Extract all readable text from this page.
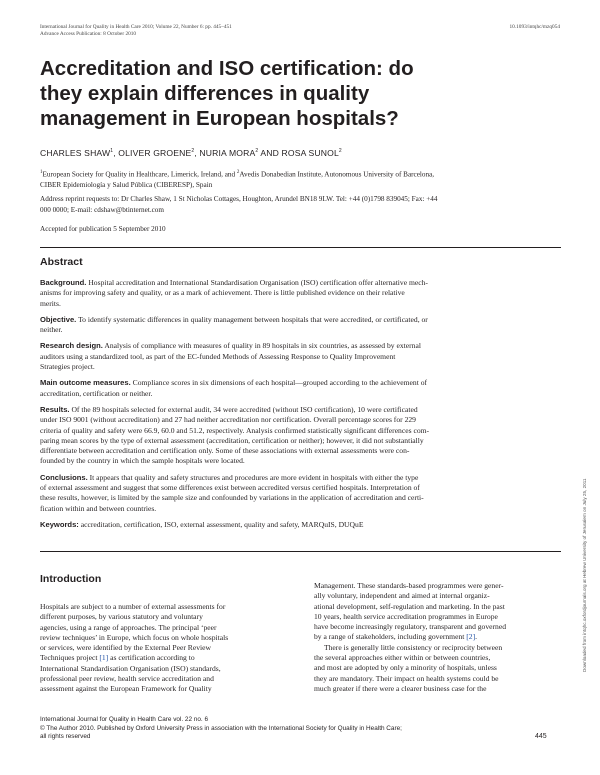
International Journal for Quality in Health Care 2010; Volume 22, Number 6: pp. 445–451
Advance Access Publication: 8 October 2010
10.1093/intqhc/mzq054
Accreditation and ISO certification: do
they explain differences in quality
management in European hospitals?
CHARLES SHAW$^1$, OLIVER GROENE$^2$, NURIA MORA$^2$ AND ROSA SUNOL$^2$
$^1$European Society for Quality in Healthcare, Limerick, Ireland, and $^2$Avedis Donabedian Institute, Autonomous University of Barcelona,
CIBER Epidemiología y Salud Pública (CIBERESP), Spain
Address reprint requests to: Dr Charles Shaw, 1 St Nicholas Cottages, Houghton, Arundel BN18 9LW. Tel: +44 (0)1798 839045; Fax: +44
000 0000; E-mail: cdshaw@btinternet.com
Accepted for publication 5 September 2010
Abstract
Background. Hospital accreditation and International Standardisation Organisation (ISO) certification offer alternative mech-
anisms for improving safety and quality, or as a mark of achievement. There is little published evidence on their relative
merits.
Objective. To identify systematic differences in quality management between hospitals that were accredited, or certificated, or
neither.
Research design. Analysis of compliance with measures of quality in 89 hospitals in six countries, as assessed by external
auditors using a standardized tool, as part of the EC-funded Methods of Assessing Response to Quality Improvement
Strategies project.
Main outcome measures. Compliance scores in six dimensions of each hospital—grouped according to the achievement of
accreditation, certification or neither.
Results. Of the 89 hospitals selected for external audit, 34 were accredited (without ISO certification), 10 were certificated
under ISO 9001 (without accreditation) and 27 had neither accreditation nor certification. Overall percentage scores for 229
criteria of quality and safety were 66.9, 60.0 and 51.2, respectively. Analysis confirmed statistically significant differences com-
paring mean scores by the type of external assessment (accreditation, certification or neither); however, it did not substantially
differentiate between accreditation and certification only. Some of these associations with external assessments were con-
founded by the country in which the sample hospitals were located.
Conclusions. It appears that quality and safety structures and procedures are more evident in hospitals with either the type
of external assessment and suggest that some differences exist between accredited versus certified hospitals. Interpretation of
these results, however, is limited by the sample size and confounded by variations in the application of accreditation and certi-
fication within and between countries.
Keywords: accreditation, certification, ISO, external assessment, quality and safety, MARQuIS, DUQuE
Introduction
Hospitals are subject to a number of external assessments for
different purposes, by various statutory and voluntary
agencies, using a range of approaches. The principal ‘peer
review techniques’ in Europe, which focus on whole hospitals
or services, were identified by the External Peer Review
Techniques project [1] as certification according to
International Standardisation Organisation (ISO) standards,
professional peer review, health service accreditation and
assessment against the European Framework for Quality
Management. These standards-based programmes were gener-
ally voluntary, independent and aimed at internal organiz-
ational development, self-regulation and marketing. In the past
10 years, health service accreditation programmes in Europe
have become increasingly regulatory, transparent and governed
by a range of stakeholders, including government [2].
There is generally little consistency or reciprocity between
the several approaches either within or between countries,
and most are adopted by only a minority of hospitals, unless
they are mandatory. Their impact on health systems could be
much greater if there were a clearer business case for the
International Journal for Quality in Health Care vol. 22 no. 6
© The Author 2010. Published by Oxford University Press in association with the International Society for Quality in Health Care;
all rights reserved	445
Downloaded from intqhc.oxfordjournals.org at Hebrew University of Jerusalem on July 25, 2011
